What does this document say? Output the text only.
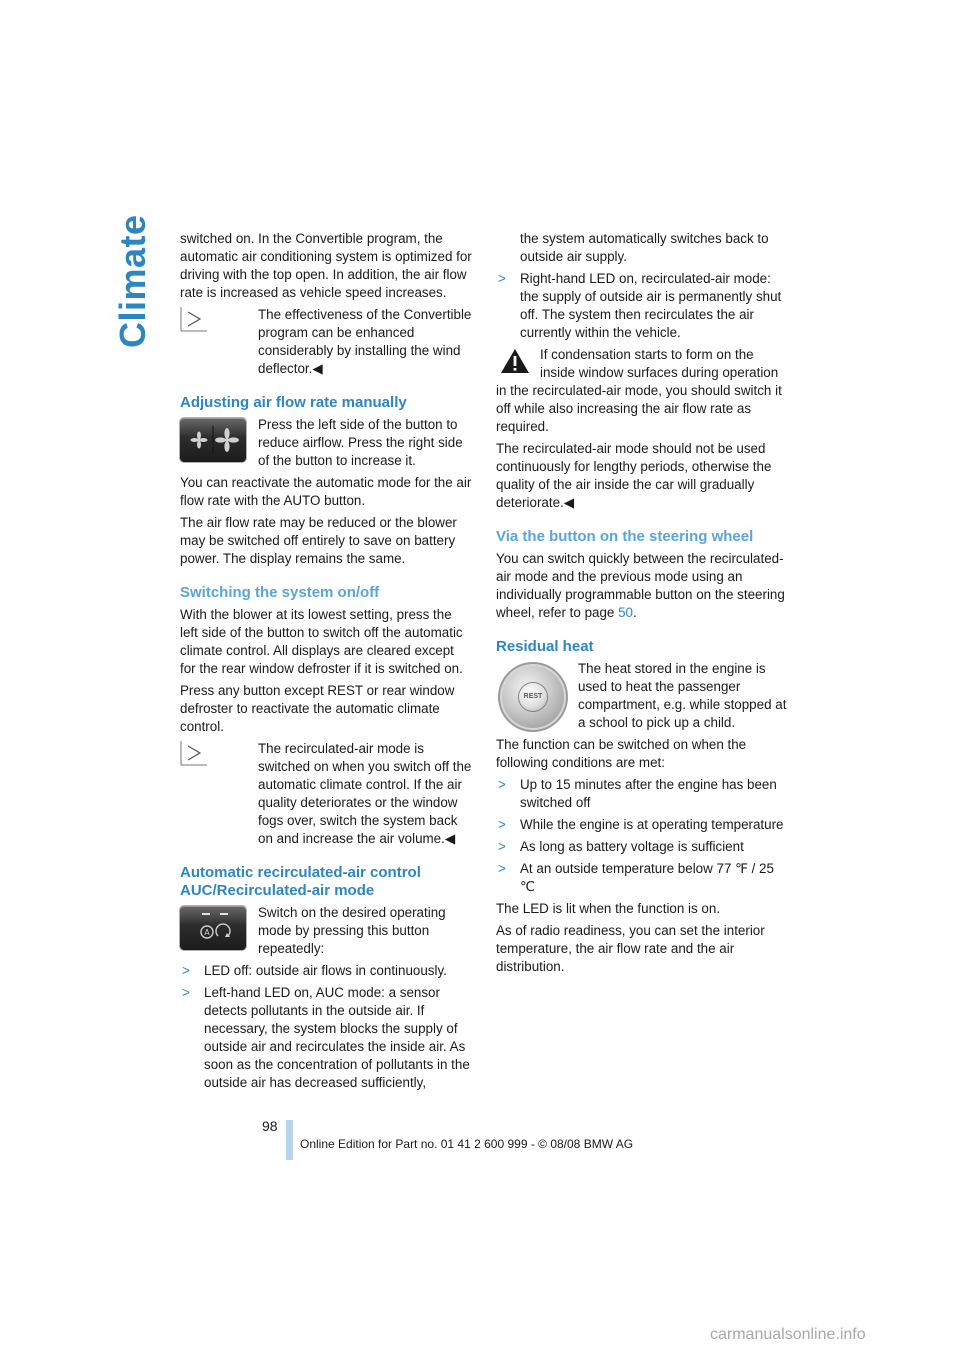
Climate switched on. In the Convertible program, the automatic air conditioning system is optimized for driving with the top open. In addition, the air flow rate is increased as vehicle speed increases.

The effectiveness of the Convertible program can be enhanced considerably by installing the wind deflector.◀

Adjusting air flow rate manually

Press the left side of the button to reduce airflow. Press the right side of the button to increase it.

You can reactivate the automatic mode for the air flow rate with the AUTO button.

The air flow rate may be reduced or the blower may be switched off entirely to save on battery power. The display remains the same.

Switching the system on/off

With the blower at its lowest setting, press the left side of the button to switch off the automatic climate control. All displays are cleared except for the rear window defroster if it is switched on.

Press any button except REST or rear window defroster to reactivate the automatic climate control.

The recirculated-air mode is switched on when you switch off the automatic climate control. If the air quality deteriorates or the window fogs over, switch the system back on and increase the air volume.◀

Automatic recirculated-air control AUC/Recirculated-air mode
A

Switch on the desired operating mode by pressing this button repeatedly:

> LED off: outside air flows in continuously.
> Left-hand LED on, AUC mode: a sensor detects pollutants in the outside air. If necessary, the system blocks the supply of outside air and recirculates the inside air. As soon as the concentration of pollutants in the outside air has decreased sufficiently,

the system automatically switches back to outside air supply.

> Right-hand LED on, recirculated-air mode: the supply of outside air is permanently shut off. The system then recirculates the air currently within the vehicle.

If condensation starts to form on the inside window surfaces during operation in the recirculated-air mode, you should switch it off while also increasing the air flow rate as required.

The recirculated-air mode should not be used continuously for lengthy periods, otherwise the quality of the air inside the car will gradually deteriorate.◀

Via the button on the steering wheel

You can switch quickly between the recirculated-air mode and the previous mode using an individually programmable button on the steering wheel, refer to page 50.

Residual heat
REST

The heat stored in the engine is used to heat the passenger compartment, e.g. while stopped at a school to pick up a child.

The function can be switched on when the following conditions are met:

> Up to 15 minutes after the engine has been switched off
> While the engine is at operating temperature
> As long as battery voltage is sufficient
> At an outside temperature below 77 ℉ / 25 ℃

The LED is lit when the function is on.

As of radio readiness, you can set the interior temperature, the air flow rate and the air distribution.

98
Online Edition for Part no. 01 41 2 600 999 - © 08/08 BMW AG
carmanualsonline.info
